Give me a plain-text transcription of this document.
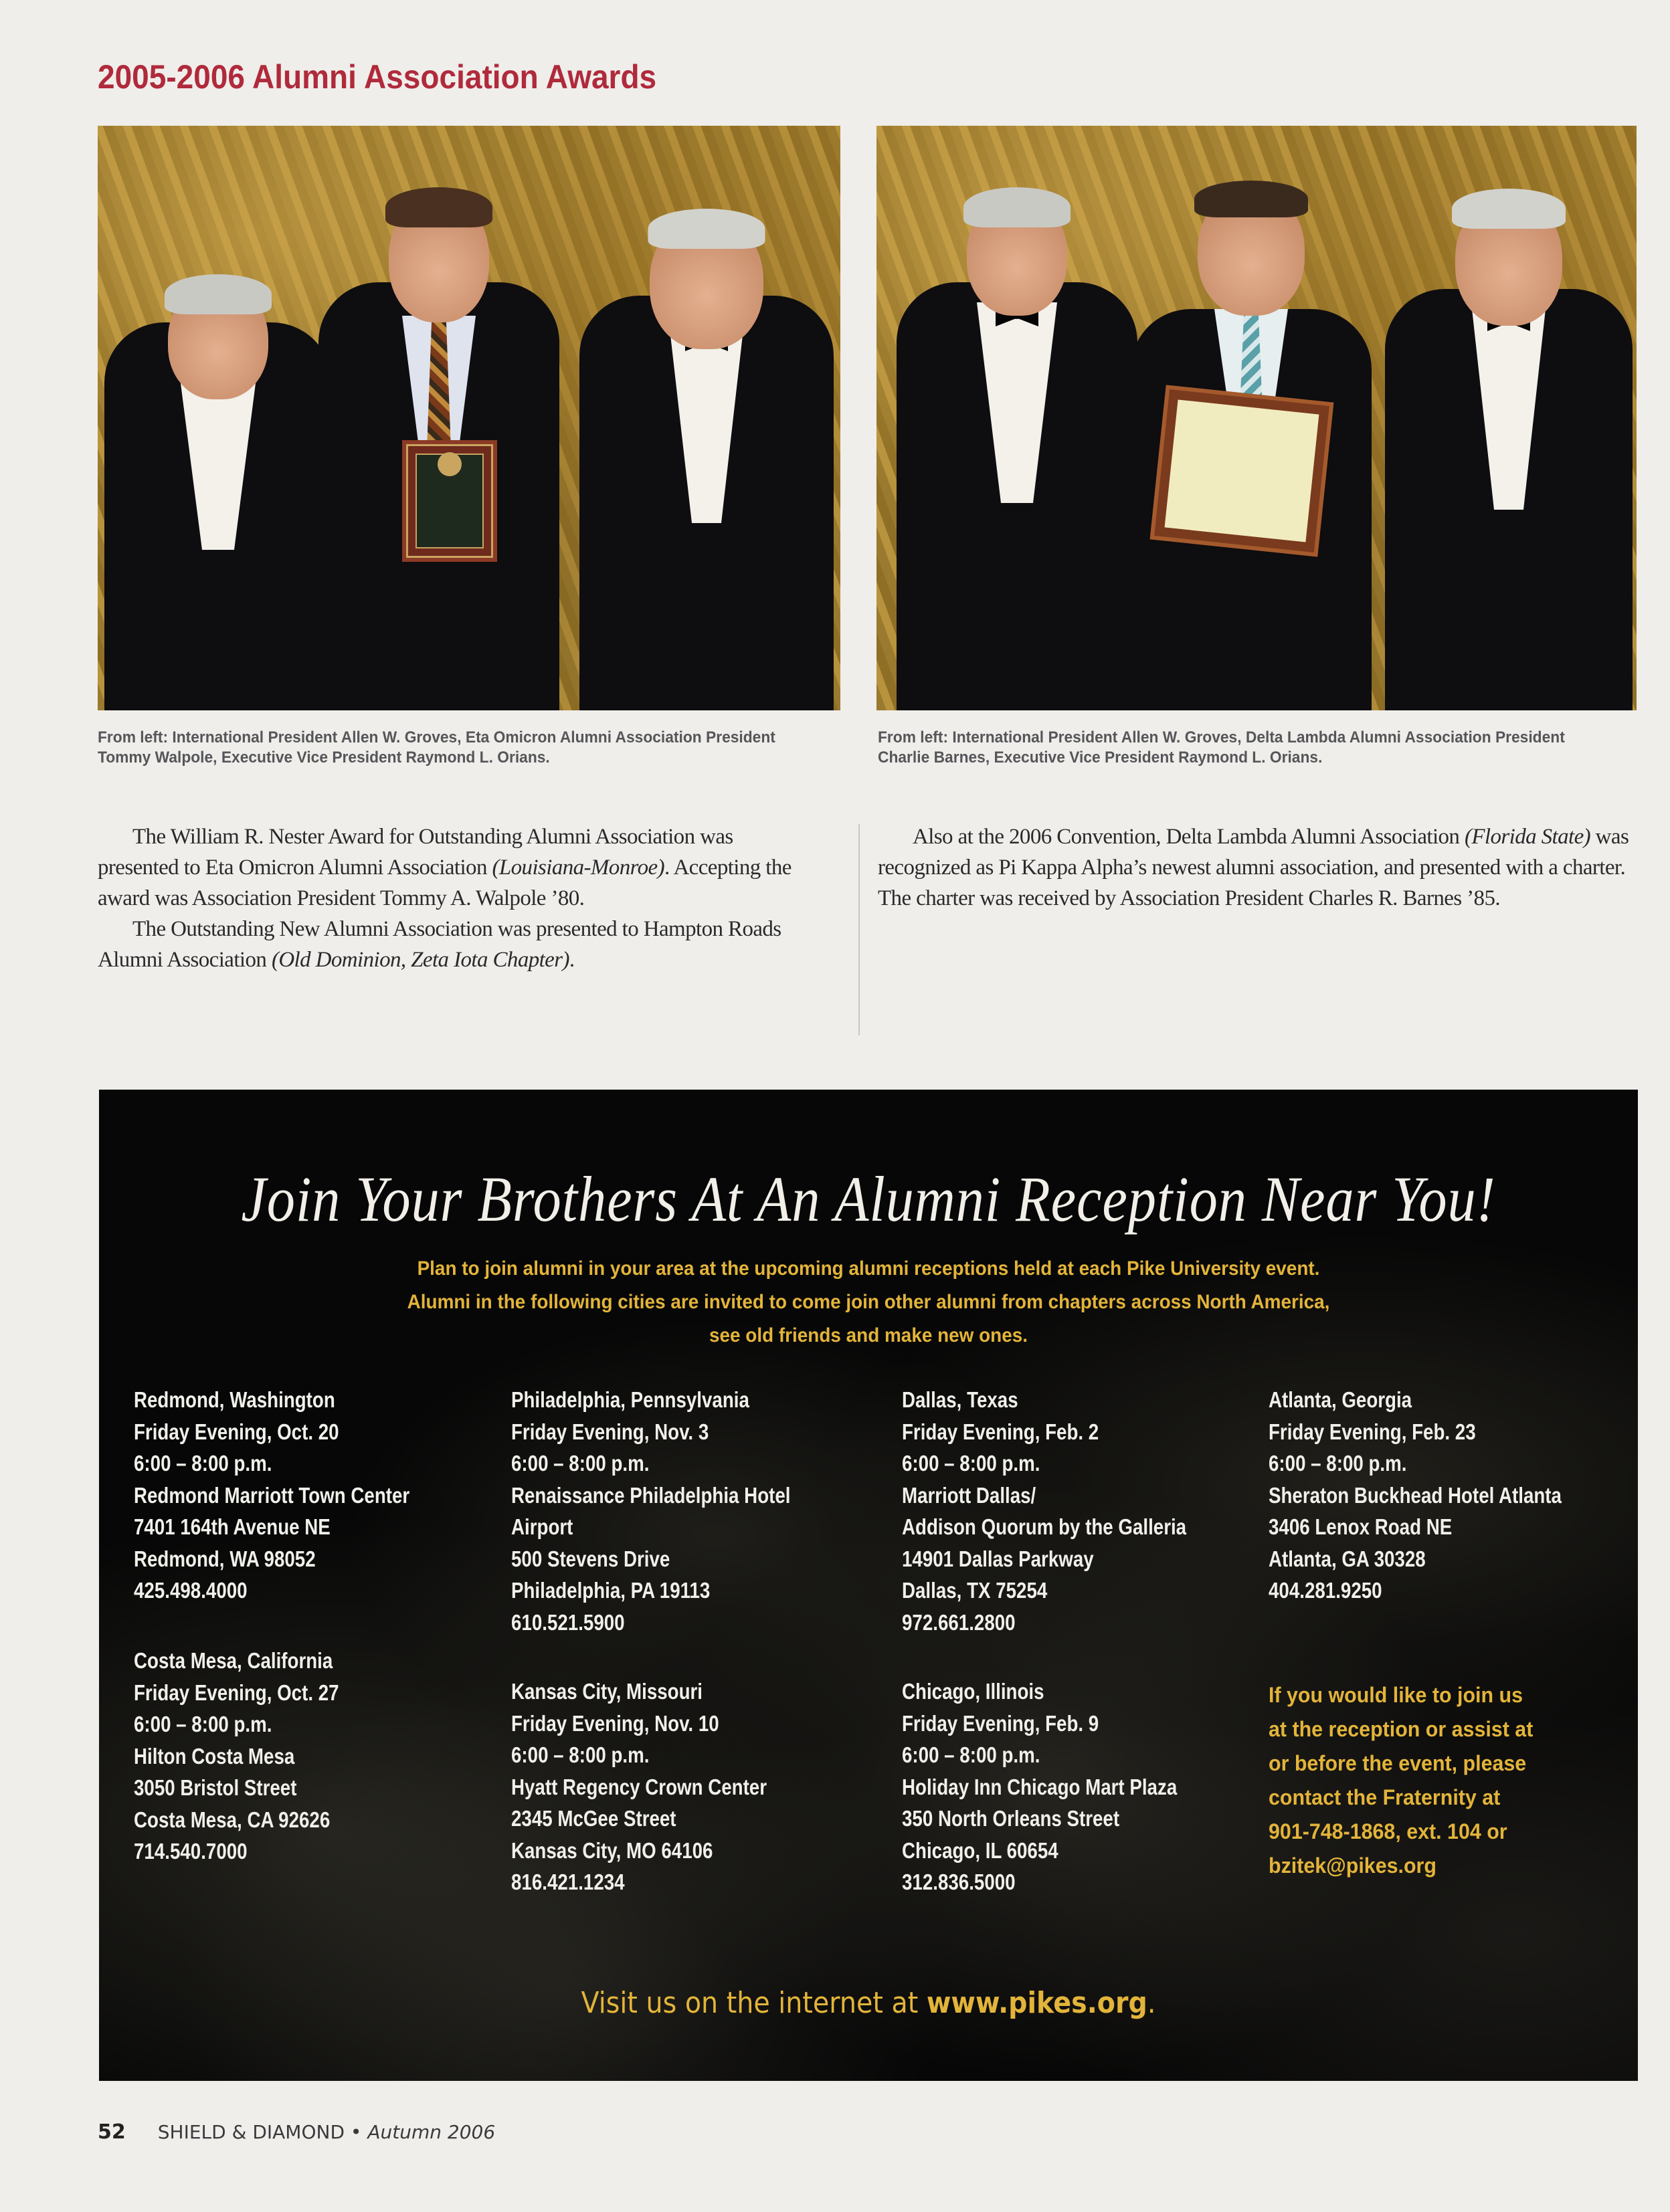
2005-2006 Alumni Association Awards
From left: International President Allen W. Groves, Eta Omicron Alumni Association President Tommy Walpole, Executive Vice President Raymond L. Orians.
From left: International President Allen W. Groves, Delta Lambda Alumni Association President Charlie Barnes, Executive Vice President Raymond L. Orians.

The William R. Nester Award for Outstanding Alumni Association was presented to Eta Omicron Alumni Association (Louisiana-Monroe). Accepting the award was Association President Tommy A. Walpole ’80.

The Outstanding New Alumni Association was presented to Hampton Roads Alumni Association (Old Dominion, Zeta Iota Chapter).

Also at the 2006 Convention, Delta Lambda Alumni Association (Florida State) was recognized as Pi Kappa Alpha’s newest alumni association, and presented with a charter. The charter was received by Association President Charles R. Barnes ’85.

Join Your Brothers At An Alumni Reception Near You!
Plan to join alumni in your area at the upcoming alumni receptions held at each Pike University event.
Alumni in the following cities are invited to come join other alumni from chapters across North America,
see old friends and make new ones.
Redmond, Washington
Friday Evening, Oct. 20
6:00 – 8:00 p.m.
Redmond Marriott Town Center
7401 164th Avenue NE
Redmond, WA 98052
425.498.4000
Costa Mesa, California
Friday Evening, Oct. 27
6:00 – 8:00 p.m.
Hilton Costa Mesa
3050 Bristol Street
Costa Mesa, CA 92626
714.540.7000
Philadelphia, Pennsylvania
Friday Evening, Nov. 3
6:00 – 8:00 p.m.
Renaissance Philadelphia Hotel
Airport
500 Stevens Drive
Philadelphia, PA 19113
610.521.5900
Kansas City, Missouri
Friday Evening, Nov. 10
6:00 – 8:00 p.m.
Hyatt Regency Crown Center
2345 McGee Street
Kansas City, MO 64106
816.421.1234
Dallas, Texas
Friday Evening, Feb. 2
6:00 – 8:00 p.m.
Marriott Dallas/
Addison Quorum by the Galleria
14901 Dallas Parkway
Dallas, TX 75254
972.661.2800
Chicago, Illinois
Friday Evening, Feb. 9
6:00 – 8:00 p.m.
Holiday Inn Chicago Mart Plaza
350 North Orleans Street
Chicago, IL 60654
312.836.5000
Atlanta, Georgia
Friday Evening, Feb. 23
6:00 – 8:00 p.m.
Sheraton Buckhead Hotel Atlanta
3406 Lenox Road NE
Atlanta, GA 30328
404.281.9250
If you would like to join us
at the reception or assist at
or before the event, please
contact the Fraternity at
901-748-1868, ext. 104 or
bzitek@pikes.org
Visit us on the internet at www.pikes.org.
52 SHIELD & DIAMOND • Autumn 2006
